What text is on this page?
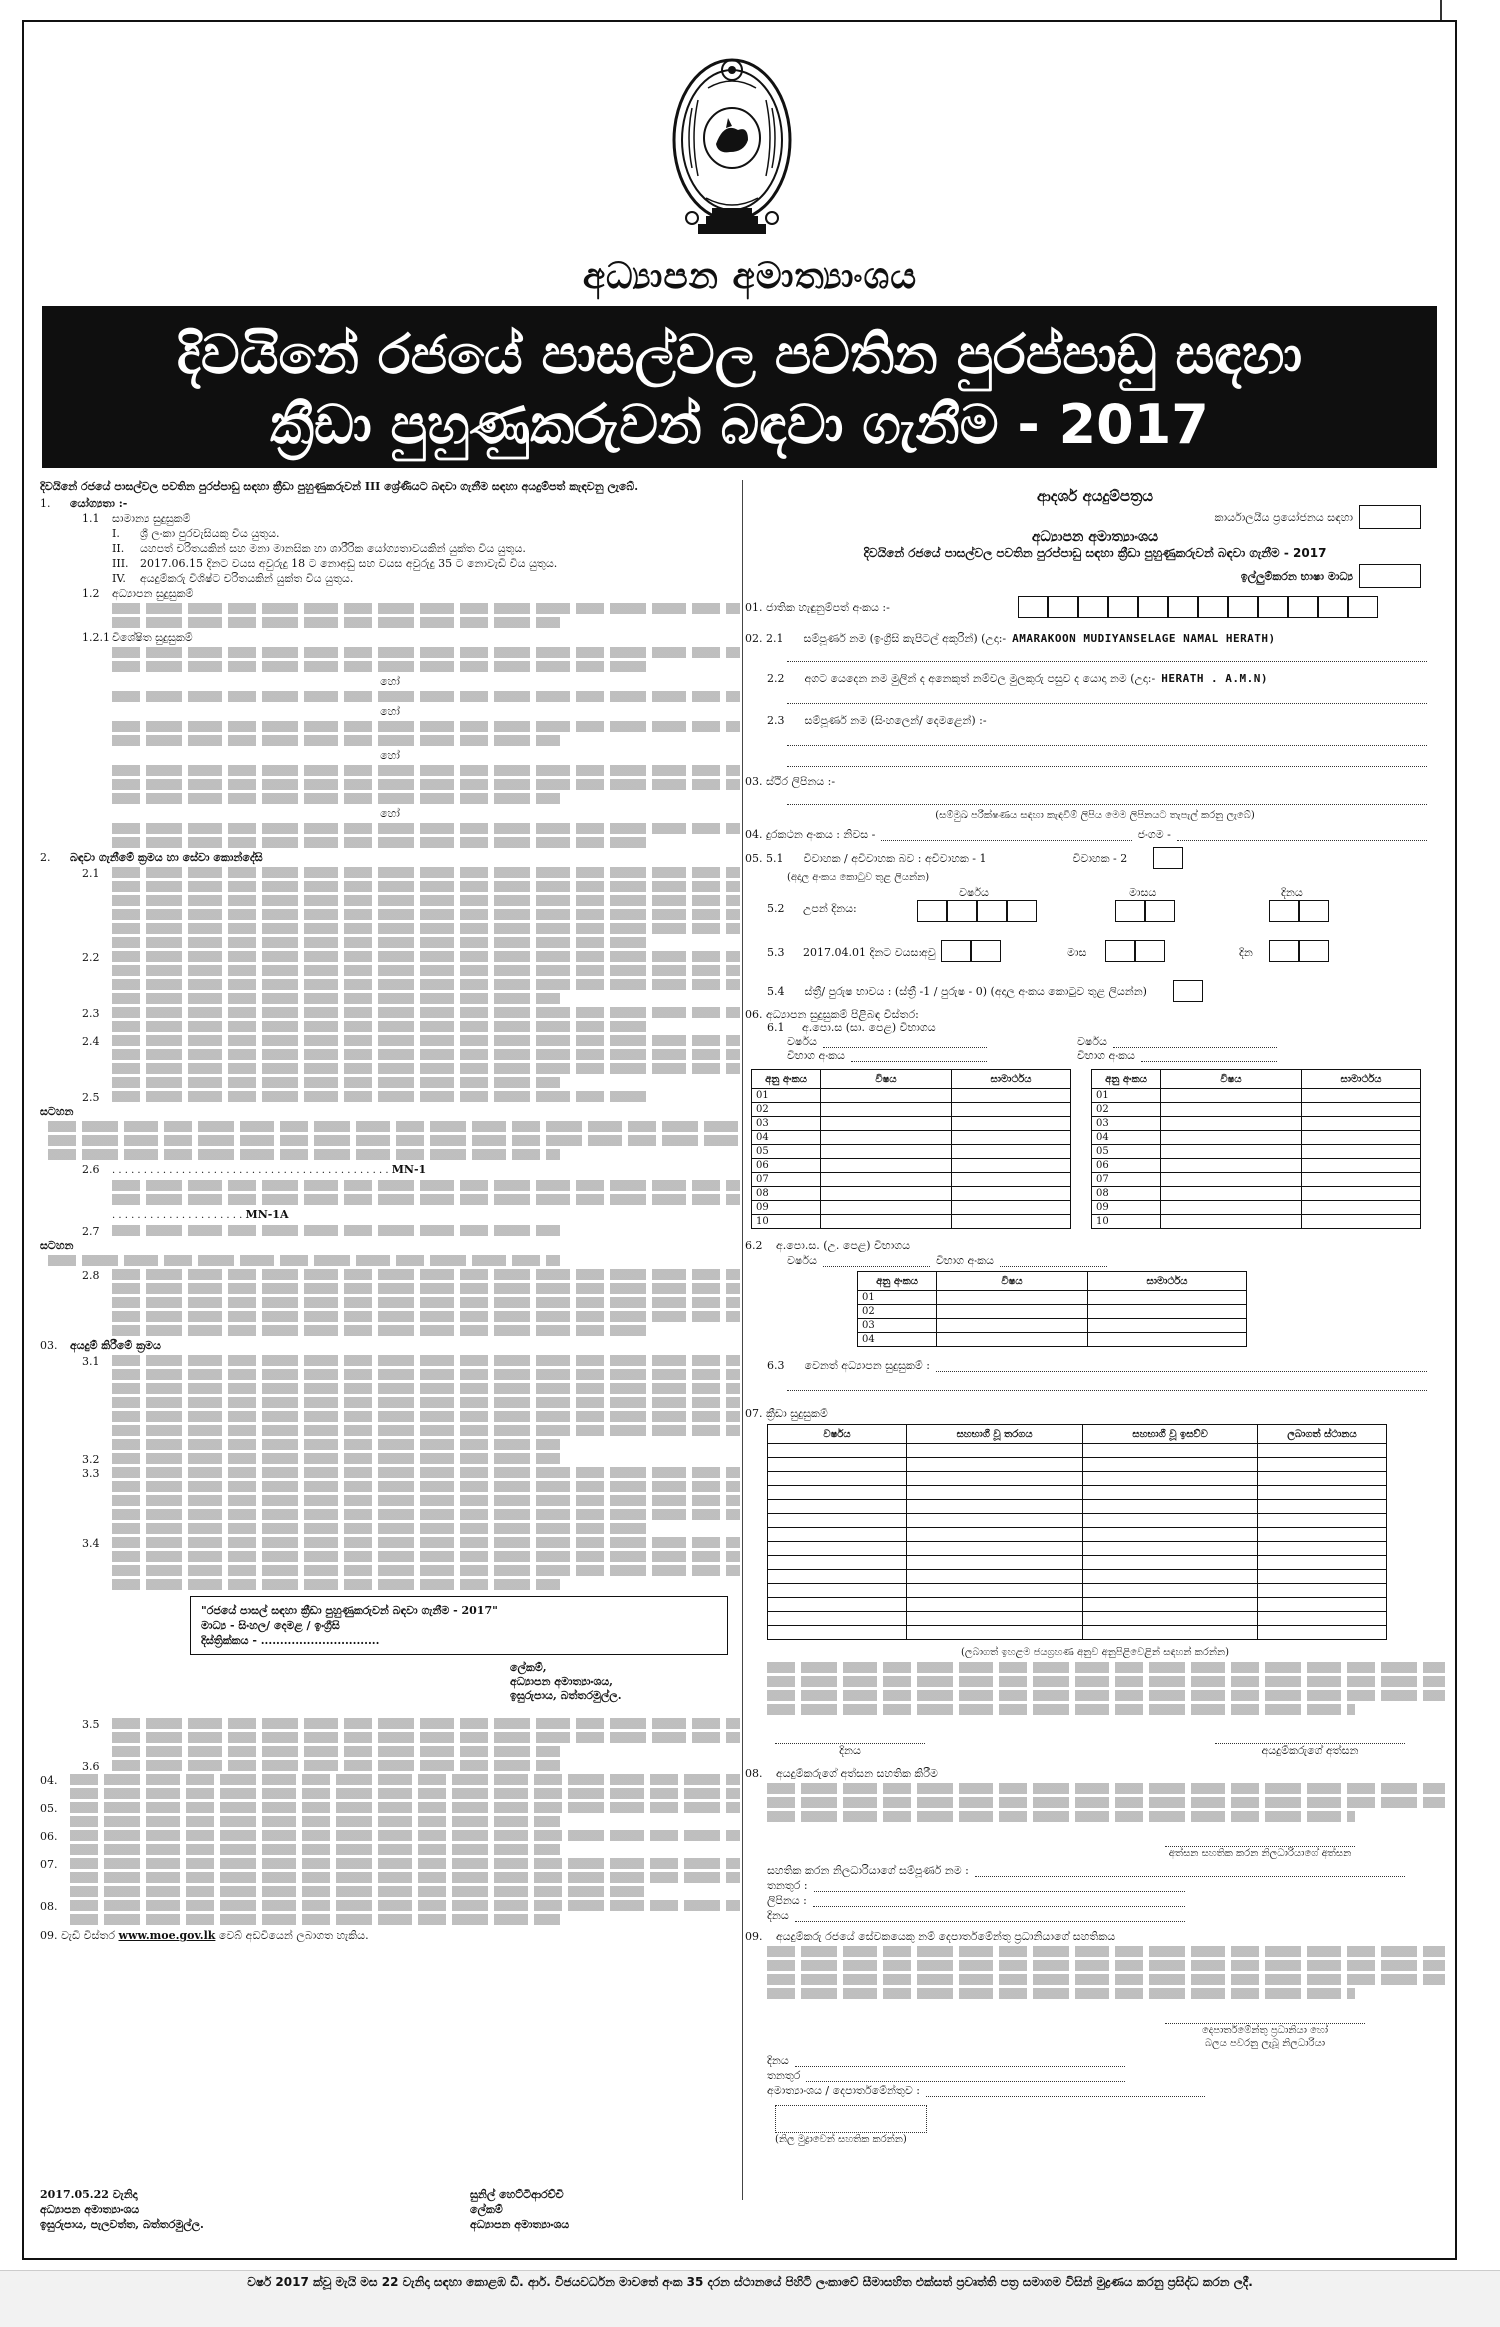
අධ්‍යාපන අමාත්‍යාංශය
දිවයිනේ රජයේ පාසල්වල පවතින පුරප්පාඩු සඳහා
ක්‍රීඩා පුහුණුකරුවන් බඳවා ගැනීම - 2017
දිවයිනේ රජයේ පාසල්වල පවතින පුරප්පාඩු සඳහා ක්‍රීඩා පුහුණුකරුවන් III ශ්‍රේණියට බඳවා ගැනීම සඳහා අයදුම්පත් කැඳවනු ලැබේ.
1.	යෝග්‍යතා :-
1.1	සාමාන්‍ය සුදුසුකම්
I.	ශ්‍රී ලංකා පුරවැසියකු විය යුතුය.
II.	යහපත් චරිතයකින් සහ මනා මානසික හා ශාරීරික යෝග්‍යතාවයකින් යුක්ත විය යුතුය.
III.	2017.06.15 දිනට වයස අවුරුදු 18 ට නොඅඩු සහ වයස අවුරුදු 35 ට නොවැඩි විය යුතුය.
IV.	අයදුම්කරු විශිෂ්ට චරිතයකින් යුක්ත විය යුතුය.
1.2	අධ්‍යාපන සුදුසුකම්
1.2.1 විශේෂිත සුදුසුකම්
හෝ
හෝ
හෝ
හෝ
2.	බඳවා ගැනීමේ ක්‍රමය හා සේවා කොන්දේසි
2.1
2.2
2.3
2.4
2.5
සටහන
2.6	. . . . . . . . . . . . . . . . . . . . . . . . . . . . . . . . . . . . . . . . . . . . MN-1
. . . . . . . . . . . . . . . . . . . . . MN-1A
2.7
සටහන
2.8
03.	අයදුම් කිරීමේ ක්‍රමය
3.1
3.2
3.3
3.4
"රජයේ පාසල් සඳහා ක්‍රීඩා පුහුණුකරුවන් බඳවා ගැනීම - 2017"
මාධ්‍ය - සිංහල/ දෙමළ / ඉංග්‍රීසි
දිස්ත්‍රික්කය - ...............................
ලේකම්,
අධ්‍යාපන අමාත්‍යාංශය,
ඉසුරුපාය, බත්තරමුල්ල.
3.5
3.6
04.
05.
06.
07.
08.
09. වැඩි විස්තර www.moe.gov.lk වෙබ් අඩවියෙන් ලබාගත හැකිය.
2017.05.22 වැනිදා
අධ්‍යාපන අමාත්‍යාංශය
ඉසුරුපාය, පැලවත්ත, බත්තරමුල්ල.
සුනිල් හෙට්ටිආරච්චි
ලේකම්
අධ්‍යාපන අමාත්‍යාංශය
ආදර්ශ අයදුම්පත්‍රය
කාර්යාලයීය ප්‍රයෝජනය සඳහා
අධ්‍යාපන අමාත්‍යාංශය
දිවයිනේ රජයේ පාසල්වල පවතින පුරප්පාඩු සඳහා ක්‍රීඩා පුහුණුකරුවන් බඳවා ගැනීම - 2017
ඉල්ලුම්කරන භාෂා මාධ්‍ය
01. ජාතික හැඳුනුම්පත් අංකය :-
02. 2.1 සම්පූර්ණ නම (ඉංග්‍රීසි කැපිටල් අකුරින්) (උදා:- AMARAKOON MUDIYANSELAGE NAMAL HERATH)
2.2 අගට යෙදෙන නම මුලින් ද අනෙකුත් නම්වල මුලකුරු පසුව ද යොදා නම (උදා:- HERATH . A.M.N)
2.3 සම්පූර්ණ නම (සිංහලෙන්/ දෙමළෙන්) :-
03. ස්ථිර ලිපිනය :-
(සම්මුඛ පරීක්ෂණය සඳහා කැඳවීම් ලිපිය මෙම ලිපිනයට තැපැල් කරනු ලැබේ)
04. දුරකථන අංකය : නිවස -	ජංගම -
05. 5.1 විවාහක / අවිවාහක බව : අවිවාහක - 1	විවාහක - 2
(අදාල අංකය කොටුව තුළ ලියන්න)
5.2 උපන් දිනය:
වර්ෂය	මාසය	දිනය
5.3 2017.04.01 දිනට වයස:
අවු	මාස	දින
5.4 ස්ත්‍රී/ පුරුෂ භාවය : (ස්ත්‍රී -1 / පුරුෂ - 0) (අදාල අංකය කොටුව තුළ ලියන්න)
06. අධ්‍යාපන සුදුසුකම් පිළිබඳ විස්තර:
6.1 අ.පො.ස (සා. පෙළ) විභාගය
වර්ෂය
විභාග අංකය
වර්ෂය
විභාග අංකය
අනු අංකය	විෂය	සාමාර්ථය
01		
02		
03		
04		
05		
06		
07		
08		
09		
10		
අනු අංකය	විෂය	සාමාර්ථය
01		
02		
03		
04		
05		
06		
07		
08		
09		
10		
6.2 අ.පො.ස. (උ. පෙළ) විභාගය
වර්ෂය	විභාග අංකය
අනු අංකය	විෂය	සාමාර්ථය
01		
02		
03		
04		
6.3 වෙනත් අධ්‍යාපන සුදුසුකම් :
07. ක්‍රීඩා සුදුසුකම්
වර්ෂය	සහභාගී වූ තරගය	සහභාගී වූ ඉසව්ව	ලබාගත් ස්ථානය

(ලබාගත් ඉහළම ජයග්‍රහණ අනුව අනුපිළිවෙළින් සඳහන් කරන්න)
දිනය	අයදුම්කරුගේ අත්සන
08. අයදුම්කරුගේ අත්සන සහතික කිරීම
අත්සන සහතික කරන නිලධාරියාගේ අත්සන
සහතික කරන නිලධාරියාගේ සම්පූර්ණ නම :
තනතුර :
ලිපිනය :
දිනය
09. අයදුම්කරු රජයේ සේවකයෙකු නම් දෙපාර්තමේන්තු ප්‍රධානියාගේ සහතිකය
දෙපාර්තමේන්තු ප්‍රධානියා හෝ
බලය පවරනු ලැබූ නිලධාරියා
දිනය
තනතුර
අමාත්‍යාංශය / දෙපාර්තමේන්තුව :
(නිල මුද්‍රාවෙන් සහතික කරන්න)
වර්ෂ 2017 ක්වූ මැයි මස 22 වැනිදා සඳහා කොළඹ ඩී. ආර්. විජයවර්ධන මාවතේ අංක 35 දරන ස්ථානයේ පිහිටි ලංකාවේ සීමාසහිත එක්සත් ප්‍රවෘත්ති පත්‍ර සමාගම විසින් මුද්‍රණය කරනු ප්‍රසිද්ධ කරන ලදී.
